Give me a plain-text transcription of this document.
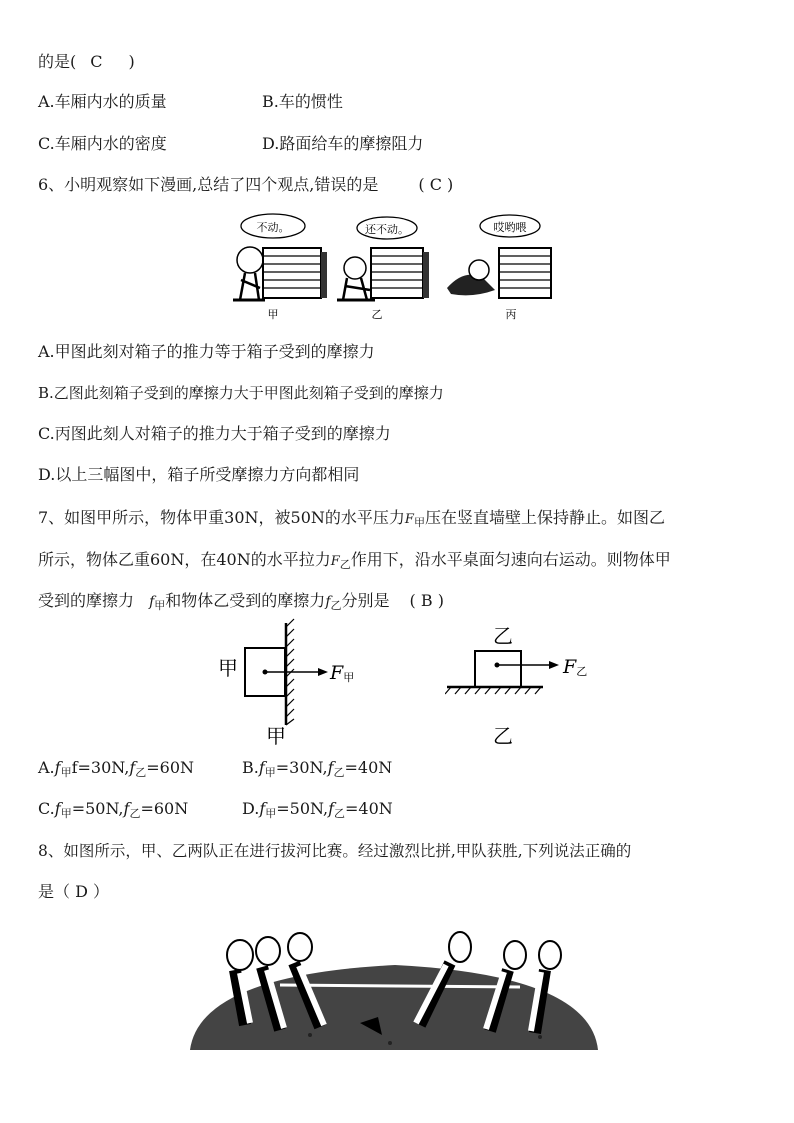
的是( C )
A.车厢内水的质量	B.车的惯性
C.车厢内水的密度	D.路面给车的摩擦阻力
6、小明观察如下漫画,总结了四个观点,错误的是	( C )
不动。	还不动。	哎哟喂
甲	乙	丙
A.甲图此刻对箱子的推力等于箱子受到的摩擦力
B.乙图此刻箱子受到的摩擦力大于甲图此刻箱子受到的摩擦力
C.丙图此刻人对箱子的推力大于箱子受到的摩擦力
D.以上三幅图中，箱子所受摩擦力方向都相同
7、如图甲所示，物体甲重30N，被50N的水平压力F甲压在竖直墙壁上保持静止。如图乙
所示，物体乙重60N，在40N的水平拉力F乙作用下，沿水平桌面匀速向右运动。则物体甲
受到的摩擦力 f甲和物体乙受到的摩擦力f乙分别是 ( B )
甲	F甲
甲
乙
F乙
乙
A.f甲f=30N,f乙=60N	B.f甲=30N,f乙=40N
C.f甲=50N,f乙=60N	D.f甲=50N,f乙=40N
8、如图所示，甲、乙两队正在进行拔河比赛。经过激烈比拼,甲队获胜,下列说法正确的
是（ D ）
